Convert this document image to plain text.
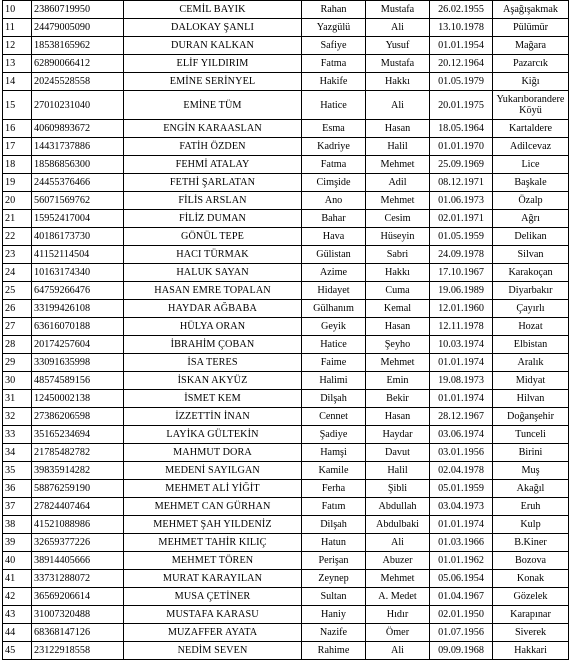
10	23860719950	CEMİL BAYIK	Rahan	Mustafa	26.02.1955	Aşağışakmak
11	24479005090	DALOKAY ŞANLI	Yazgülü	Ali	13.10.1978	Pülümür
12	18538165962	DURAN KALKAN	Safiye	Yusuf	01.01.1954	Mağara
13	62890066412	ELİF YILDIRIM	Fatma	Mustafa	20.12.1964	Pazarcık
14	20245528558	EMİNE SERİNYEL	Hakife	Hakkı	01.05.1979	Kiğı
15	27010231040	EMİNE TÜM	Hatice	Ali	20.01.1975	Yukarıborandere Köyü
16	40609893672	ENGİN KARAASLAN	Esma	Hasan	18.05.1964	Kartaldere
17	14431737886	FATİH ÖZDEN	Kadriye	Halil	01.01.1970	Adilcevaz
18	18586856300	FEHMİ ATALAY	Fatma	Mehmet	25.09.1969	Lice
19	24455376466	FETHİ ŞARLATAN	Cimşide	Adil	08.12.1971	Başkale
20	56071569762	FİLİS ARSLAN	Ano	Mehmet	01.06.1973	Özalp
21	15952417004	FİLİZ DUMAN	Bahar	Cesim	02.01.1971	Ağrı
22	40186173730	GÖNÜL TEPE	Hava	Hüseyin	01.05.1959	Delikan
23	41152114504	HACI TÜRMAK	Gülistan	Sabri	24.09.1978	Silvan
24	10163174340	HALUK SAYAN	Azime	Hakkı	17.10.1967	Karakoçan
25	64759266476	HASAN EMRE TOPALAN	Hidayet	Cuma	19.06.1989	Diyarbakır
26	33199426108	HAYDAR AĞBABA	Gülhanım	Kemal	12.01.1960	Çayırlı
27	63616070188	HÜLYA ORAN	Geyik	Hasan	12.11.1978	Hozat
28	20174257604	İBRAHİM ÇOBAN	Hatice	Şeyho	10.03.1974	Elbistan
29	33091635998	İSA TERES	Faime	Mehmet	01.01.1974	Aralık
30	48574589156	İSKAN AKYÜZ	Halimi	Emin	19.08.1973	Midyat
31	12450002138	İSMET KEM	Dilşah	Bekir	01.01.1974	Hilvan
32	27386206598	İZZETTİN İNAN	Cennet	Hasan	28.12.1967	Doğanşehir
33	35165234694	LAYİKA GÜLTEKİN	Şadiye	Haydar	03.06.1974	Tunceli
34	21785482782	MAHMUT DORA	Hamşi	Davut	03.01.1956	Birini
35	39835914282	MEDENİ SAYILGAN	Kamile	Halil	02.04.1978	Muş
36	58876259190	MEHMET ALİ YİĞİT	Ferha	Şibli	05.01.1959	Akağıl
37	27824407464	MEHMET CAN GÜRHAN	Fatım	Abdullah	03.04.1973	Eruh
38	41521088986	MEHMET ŞAH YILDENİZ	Dilşah	Abdulbaki	01.01.1974	Kulp
39	32659377226	MEHMET TAHİR KILIÇ	Hatun	Ali	01.03.1966	B.Kiner
40	38914405666	MEHMET TÖREN	Perişan	Abuzer	01.01.1962	Bozova
41	33731288072	MURAT KARAYILAN	Zeynep	Mehmet	05.06.1954	Konak
42	36569206614	MUSA ÇETİNER	Sultan	A. Medet	01.04.1967	Gözelek
43	31007320488	MUSTAFA KARASU	Haniy	Hıdır	02.01.1950	Karapınar
44	68368147126	MUZAFFER AYATA	Nazife	Ömer	01.07.1956	Siverek
45	23122918558	NEDİM SEVEN	Rahime	Ali	09.09.1968	Hakkari
